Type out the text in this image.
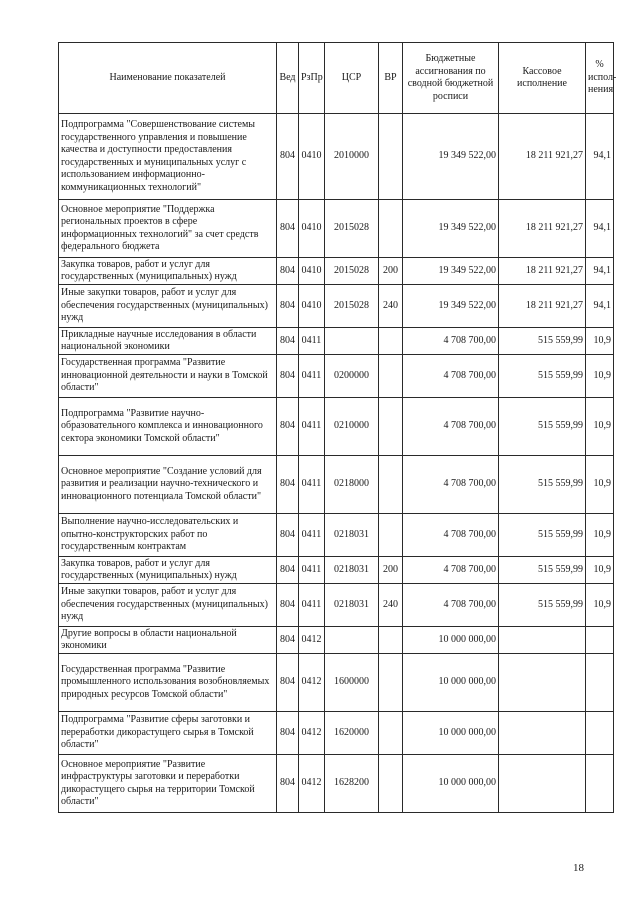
Наименование показателей	Вед	РзПр	ЦСР	ВР	Бюджетные ассигнования по сводной бюджетной росписи	Кассовое исполнение	% испол-нения
Подпрограмма "Совершенствование системы государственного управления и повышение качества и доступности предоставления государственных и муниципальных услуг с использованием информационно-коммуникационных технологий"	804	0410	2010000		19 349 522,00	18 211 921,27	94,1
Основное мероприятие "Поддержка региональных проектов в сфере информационных технологий" за счет средств федерального бюджета	804	0410	2015028		19 349 522,00	18 211 921,27	94,1
Закупка товаров, работ и услуг для государственных (муниципальных) нужд	804	0410	2015028	200	19 349 522,00	18 211 921,27	94,1
Иные закупки товаров, работ и услуг для обеспечения государственных (муниципальных) нужд	804	0410	2015028	240	19 349 522,00	18 211 921,27	94,1
Прикладные научные исследования в области национальной экономики	804	0411			4 708 700,00	515 559,99	10,9
Государственная программа "Развитие инновационной деятельности и науки в Томской области"	804	0411	0200000		4 708 700,00	515 559,99	10,9
Подпрограмма "Развитие научно-образовательного комплекса и инновационного сектора экономики Томской области"	804	0411	0210000		4 708 700,00	515 559,99	10,9
Основное мероприятие "Создание условий для развития и реализации научно-технического и инновационного потенциала Томской области"	804	0411	0218000		4 708 700,00	515 559,99	10,9
Выполнение научно-исследовательских и опытно-конструкторских работ по государственным контрактам	804	0411	0218031		4 708 700,00	515 559,99	10,9
Закупка товаров, работ и услуг для государственных (муниципальных) нужд	804	0411	0218031	200	4 708 700,00	515 559,99	10,9
Иные закупки товаров, работ и услуг для обеспечения государственных (муниципальных) нужд	804	0411	0218031	240	4 708 700,00	515 559,99	10,9
Другие вопросы в области национальной экономики	804	0412			10 000 000,00		
Государственная программа "Развитие промышленного использования возобновляемых природных ресурсов Томской области"	804	0412	1600000		10 000 000,00		
Подпрограмма "Развитие сферы заготовки и переработки дикорастущего сырья в Томской области"	804	0412	1620000		10 000 000,00		
Основное мероприятие "Развитие инфраструктуры заготовки и переработки дикорастущего сырья на территории Томской области"	804	0412	1628200		10 000 000,00		
18
